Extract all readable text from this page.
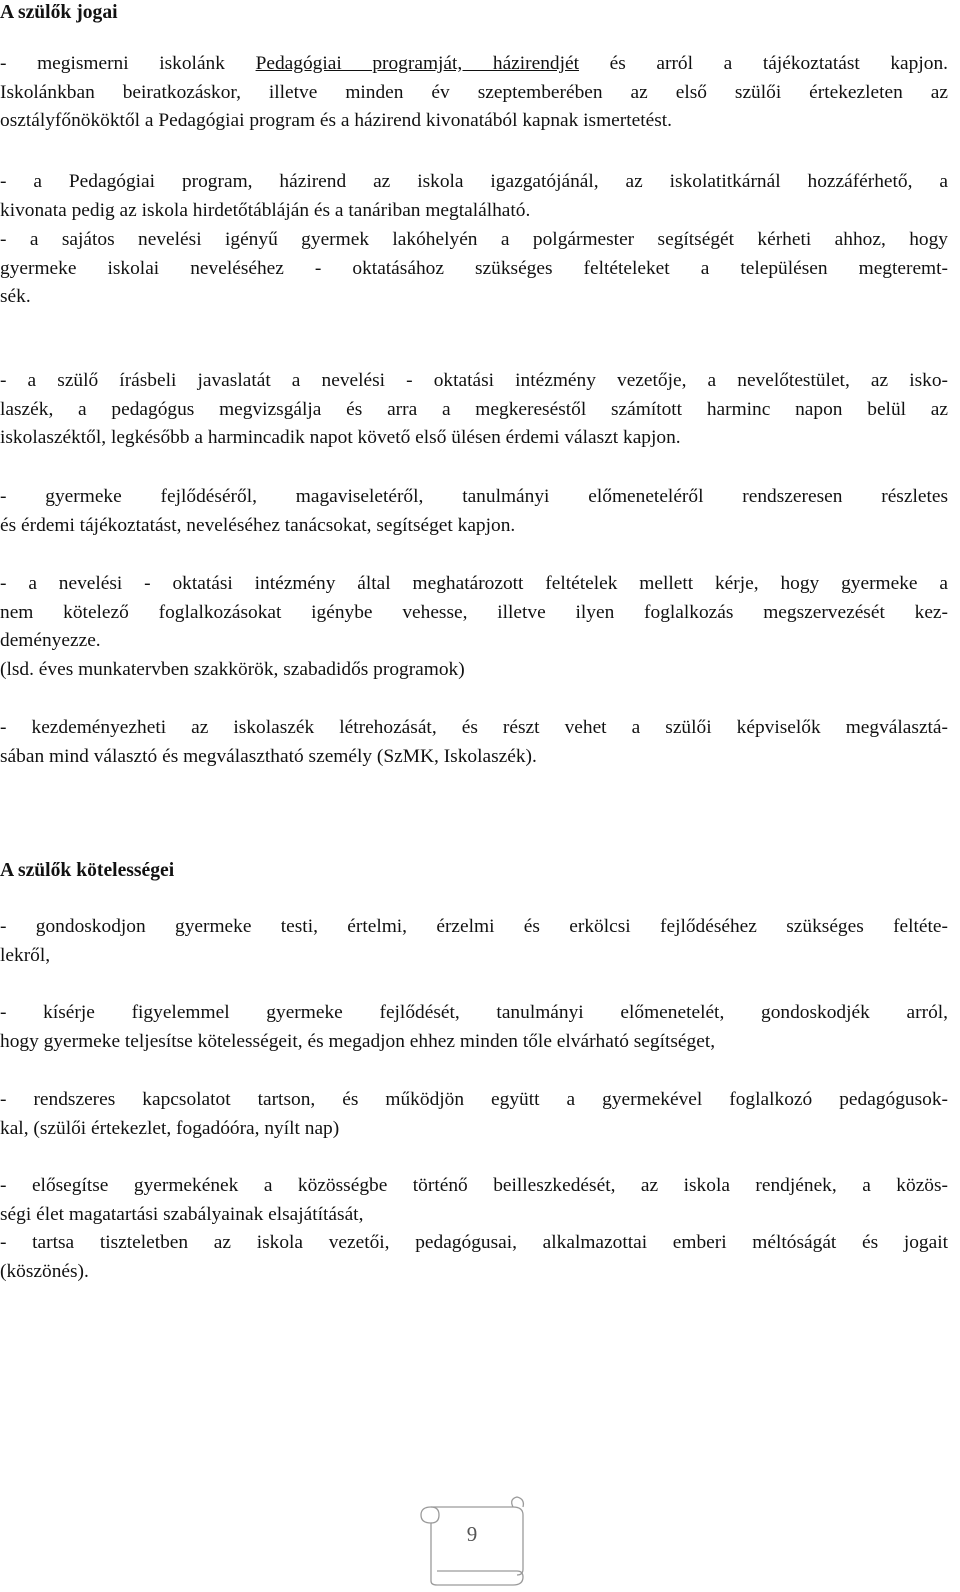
A szülők jogai

- megismerni iskolánk Pedagógiai programját, házirendjét és arról a tájékoztatást kapjon.
Iskolánkban beiratkozáskor, illetve minden év szeptemberében az első szülői értekezleten az
osztályfőnököktől a Pedagógiai program és a házirend kivonatából kapnak ismertetést.

- a Pedagógiai program, házirend az iskola igazgatójánál, az iskolatitkárnál hozzáférhető, a
kivonata pedig az iskola hirdetőtábláján és a tanáriban megtalálható.

- a sajátos nevelési igényű gyermek lakóhelyén a polgármester segítségét kérheti ahhoz, hogy
gyermeke iskolai neveléséhez - oktatásához szükséges feltételeket a településen megteremt-
sék.

- a szülő írásbeli javaslatát a nevelési - oktatási intézmény vezetője, a nevelőtestület, az isko-
laszék, a pedagógus megvizsgálja és arra a megkereséstől számított harminc napon belül az
iskolaszéktől, legkésőbb a harmincadik napot követő első ülésen érdemi választ kapjon.

- gyermeke fejlődéséről, magaviseletéről, tanulmányi előmeneteléről rendszeresen részletes
és érdemi tájékoztatást, neveléséhez tanácsokat, segítséget kapjon.

- a nevelési - oktatási intézmény által meghatározott feltételek mellett kérje, hogy gyermeke a
nem kötelező foglalkozásokat igénybe vehesse, illetve ilyen foglalkozás megszervezését kez-
deményezze.
(lsd. éves munkatervben szakkörök, szabadidős programok)

- kezdeményezheti az iskolaszék létrehozását, és részt vehet a szülői képviselők megválasztá-
sában mind választó és megválasztható személy (SzMK, Iskolaszék).

A szülők kötelességei

- gondoskodjon gyermeke testi, értelmi, érzelmi és erkölcsi fejlődéséhez szükséges feltéte-
lekről,

- kísérje figyelemmel gyermeke fejlődését, tanulmányi előmenetelét, gondoskodjék arról,
hogy gyermeke teljesítse kötelességeit, és megadjon ehhez minden tőle elvárható segítséget,

- rendszeres kapcsolatot tartson, és működjön együtt a gyermekével foglalkozó pedagógusok-
kal, (szülői értekezlet, fogadóóra, nyílt nap)

- elősegítse gyermekének a közösségbe történő beilleszkedését, az iskola rendjének, a közös-
ségi élet magatartási szabályainak elsajátítását,
- tartsa tiszteletben az iskola vezetői, pedagógusai, alkalmazottai emberi méltóságát és jogait
(köszönés).

9
